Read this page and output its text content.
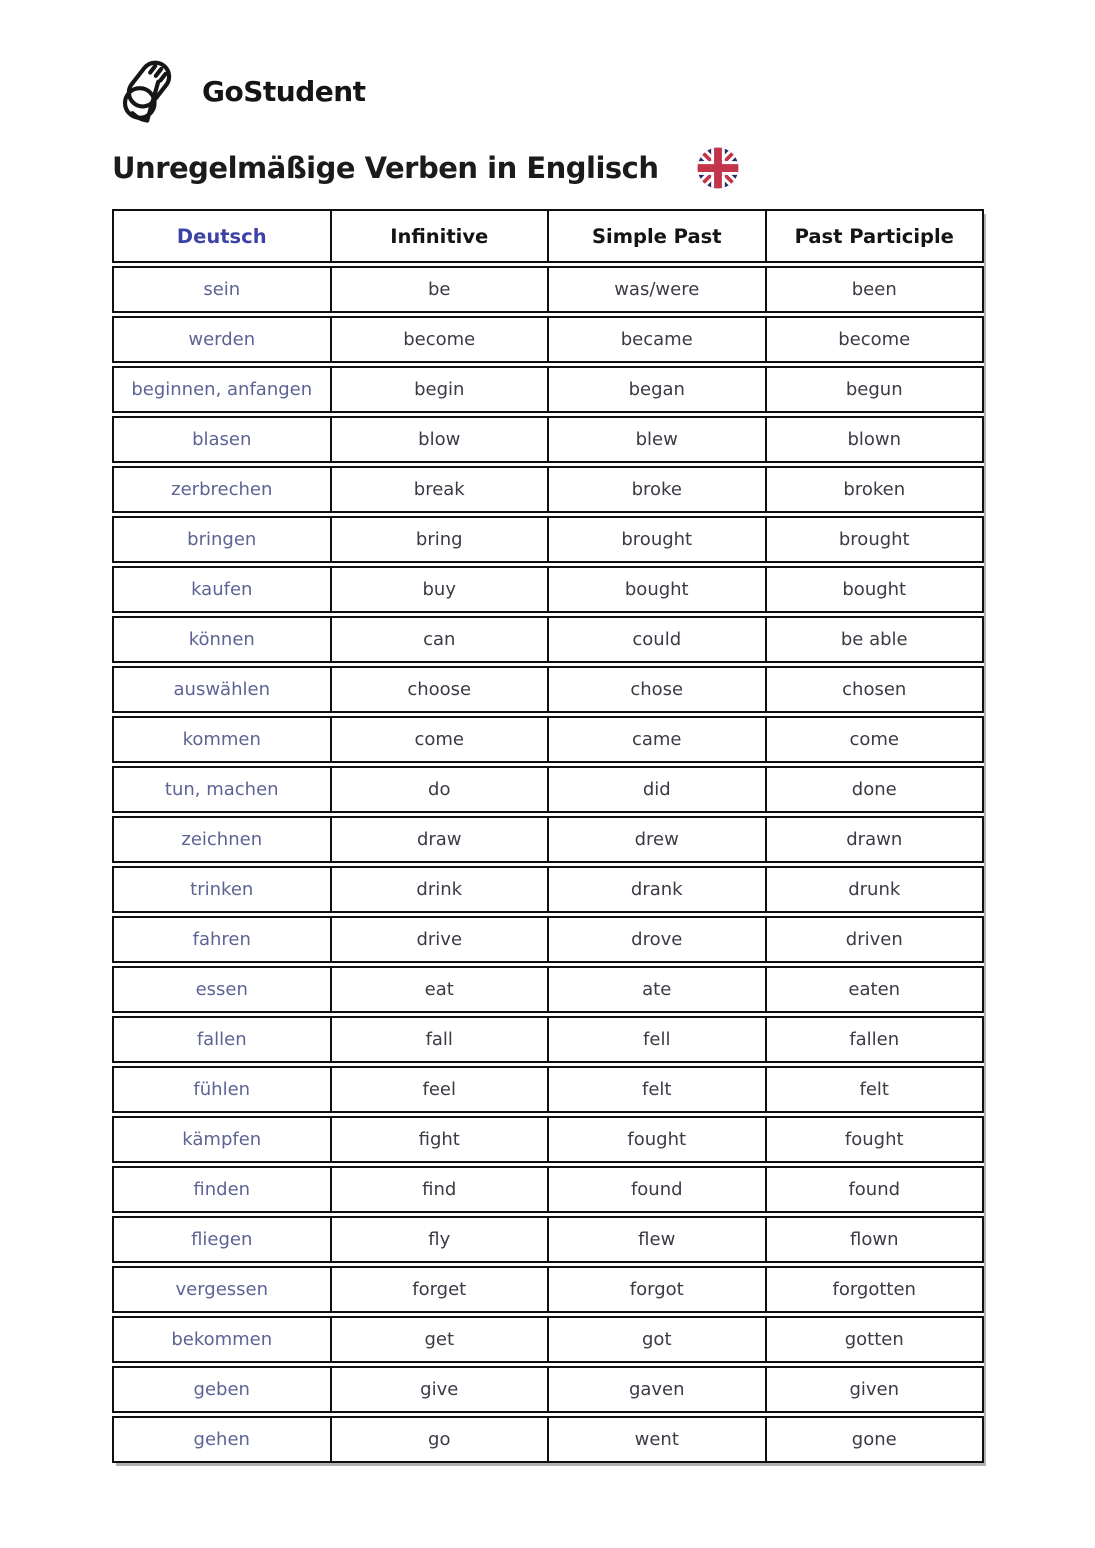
GoStudent
Unregelmäßige Verben in Englisch
Deutsch	Infinitive	Simple Past	Past Participle
sein	be	was/were	been
werden	become	became	become
beginnen, anfangen	begin	began	begun
blasen	blow	blew	blown
zerbrechen	break	broke	broken
bringen	bring	brought	brought
kaufen	buy	bought	bought
können	can	could	be able
auswählen	choose	chose	chosen
kommen	come	came	come
tun, machen	do	did	done
zeichnen	draw	drew	drawn
trinken	drink	drank	drunk
fahren	drive	drove	driven
essen	eat	ate	eaten
fallen	fall	fell	fallen
fühlen	feel	felt	felt
kämpfen	fight	fought	fought
finden	find	found	found
fliegen	fly	flew	flown
vergessen	forget	forgot	forgotten
bekommen	get	got	gotten
geben	give	gaven	given
gehen	go	went	gone
